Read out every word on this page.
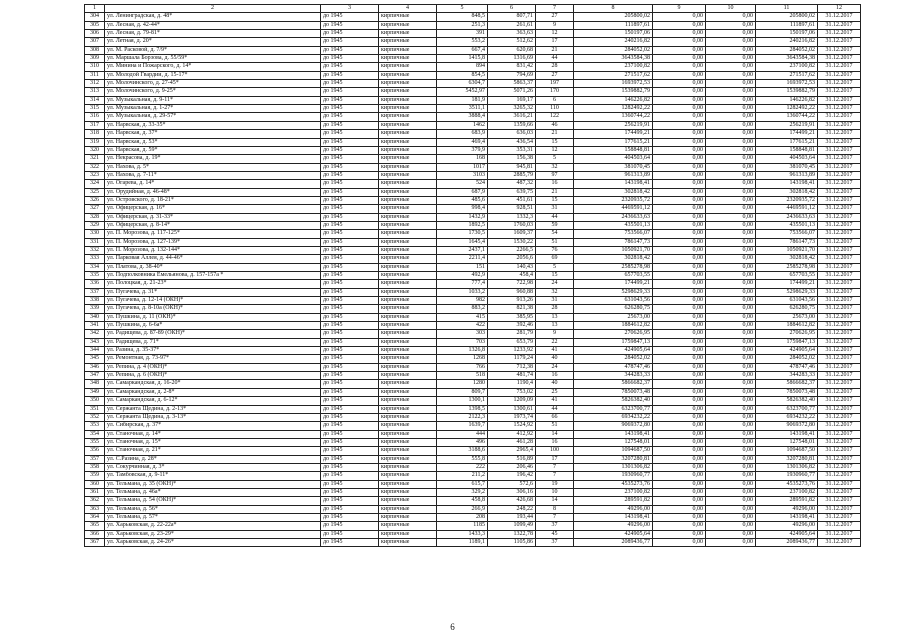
1	2	3	4	5	6	7	8	9	10	11	12
304	ул. Ленинградская, д. 48*	до 1945	кирпичные	848,5	807,71	27	205800,02	0,00	0,00	205800,02	31.12.2017
305	ул. Лесная, д. 42-44*	до 1945	кирпичные	251,3	261,61	9	111897,61	0,00	0,00	111897,61	31.12.2017
306	ул. Лесная, д. 79-81*	до 1945	кирпичные	391	363,63	12	150197,06	0,00	0,00	150197,06	31.12.2017
307	ул. Летная, д. 20*	до 1945	кирпичные	553,2	512,62	17	240216,82	0,00	0,00	240216,82	31.12.2017
308	ул. М. Расковой, д. 7/9*	до 1945	кирпичные	667,4	620,68	21	284052,02	0,00	0,00	284052,02	31.12.2017
309	ул. Маршала Борзова, д. 55/59*	до 1945	кирпичные	1415,8	1316,69	44	3643584,38	0,00	0,00	3643584,38	31.12.2017
310	ул. Минина и Пожарского, д. 14*	до 1945	кирпичные	894	831,42	28	237100,82	0,00	0,00	237100,82	31.12.2017
311	ул. Молодой Гвардии, д. 15-17*	до 1945	кирпичные	854,5	794,69	27	271517,62	0,00	0,00	271517,62	31.12.2017
312	ул. Молочинского, д. 27-45*	до 1945	кирпичные	6304,7	5863,37	197	1693972,53	0,00	0,00	1693972,53	31.12.2017
313	ул. Молочинского, д. 9-25*	до 1945	кирпичные	5452,97	5071,26	170	1539882,79	0,00	0,00	1539882,79	31.12.2017
314	ул. Музыкальная, д. 9-11*	до 1945	кирпичные	181,9	169,17	6	146226,82	0,00	0,00	146226,82	31.12.2017
315	ул. Музыкальная, д. 1-27*	до 1945	кирпичные	3511,1	3265,32	110	1282492,22	0,00	0,00	1282492,22	31.12.2017
316	ул. Музыкальная, д. 29-57*	до 1945	кирпичные	3888,4	3616,21	122	1360744,22	0,00	0,00	1360744,22	31.12.2017
317	ул. Нарвская, д. 33-35*	до 1945	кирпичные	1462	1359,66	46	256219,91	0,00	0,00	256219,91	31.12.2017
318	ул. Нарвская, д. 37*	до 1945	кирпичные	683,9	636,03	21	174499,21	0,00	0,00	174499,21	31.12.2017
319	ул. Нарвская, д. 53*	до 1945	кирпичные	469,4	436,54	15	177615,21	0,00	0,00	177615,21	31.12.2017
320	ул. Нарвская, д. 59*	до 1945	кирпичные	379,9	353,31	12	158848,81	0,00	0,00	158848,81	31.12.2017
321	ул. Некрасова, д. 19*	до 1945	кирпичные	168	156,38	5	404503,64	0,00	0,00	404503,64	31.12.2017
322	ул. Нахова, д. 5*	до 1945	кирпичные	1017	945,81	32	381070,45	0,00	0,00	381070,45	31.12.2017
323	ул. Нахова, д. 7-11*	до 1945	кирпичные	3103	2885,79	97	961313,89	0,00	0,00	961313,89	31.12.2017
324	ул. Огарева, д. 14*	до 1945	кирпичные	524	487,32	16	143198,41	0,00	0,00	143198,41	31.12.2017
325	ул. Орудийная, д. 46-48*	до 1945	кирпичные	687,9	639,75	21	302818,42	0,00	0,00	302818,42	31.12.2017
326	ул. Островского, д. 18-21*	до 1945	кирпичные	485,6	451,61	15	2320935,72	0,00	0,00	2320935,72	31.12.2017
327	ул. Офицерская, д. 16*	до 1945	кирпичные	998,4	928,51	31	4469591,12	0,00	0,00	4469591,12	31.12.2017
328	ул. Офицерская, д. 31-33*	до 1945	кирпичные	1432,9	1332,3	44	2436633,63	0,00	0,00	2436633,63	31.12.2017
329	ул. Офицерская, д. 8-14*	до 1945	кирпичные	1892,5	1760,03	59	435501,13	0,00	0,00	435501,13	31.12.2017
330	ул. П. Морозова, д. 117-125*	до 1945	кирпичные	1730,5	1609,37	54	753566,07	0,00	0,00	753566,07	31.12.2017
331	ул. П. Морозова, д. 127-139*	до 1945	кирпичные	1645,4	1530,22	51	786147,73	0,00	0,00	786147,73	31.12.2017
332	ул. П. Морозова, д. 132-144*	до 1945	кирпичные	2437,1	2266,5	76	1050921,70	0,00	0,00	1050921,70	31.12.2017
333	ул. Парковая Аллея, д. 44-46*	до 1945	кирпичные	2211,4	2056,6	69	302818,42	0,00	0,00	302818,42	31.12.2017
334	ул. Платова, д. 38-40*	до 1945	кирпичные	151	140,43	5	2585278,98	0,00	0,00	2585278,98	31.12.2017
335	ул. Подполковника Емельянова, д. 157-157а *	до 1945	кирпичные	492,9	458,4	15	657703,55	0,00	0,00	657703,55	31.12.2017
336	ул. Полоцкая, д. 21-23*	до 1945	кирпичные	777,4	722,98	24	174499,21	0,00	0,00	174499,21	31.12.2017
337	ул. Пугачева, д. 31*	до 1945	кирпичные	1033,2	960,88	32	5298629,33	0,00	0,00	5298629,33	31.12.2017
338	ул. Пугачева, д. 12-14 (ОКН)*	до 1945	кирпичные	982	913,26	31	631043,56	0,00	0,00	631043,56	31.12.2017
339	ул. Пугачева, д. 8-10а (ОКН)*	до 1945	кирпичные	883,2	821,38	28	626280,75	0,00	0,00	626280,75	31.12.2017
340	ул. Пушкина, д. 11 (ОКН)*	до 1945	кирпичные	415	385,95	13	25673,00	0,00	0,00	25673,00	31.12.2017
341	ул. Пушкина, д. 6-6а*	до 1945	кирпичные	422	392,46	13	1884612,82	0,00	0,00	1884612,82	31.12.2017
342	ул. Радищева, д. 87-89 (ОКН)*	до 1945	кирпичные	303	281,79	9	270626,95	0,00	0,00	270626,95	31.12.2017
343	ул. Радищева, д. 71*	до 1945	кирпичные	703	653,79	22	1759847,13	0,00	0,00	1759847,13	31.12.2017
344	ул. Разина, д. 35-37*	до 1945	кирпичные	1326,8	1233,92	41	424905,64	0,00	0,00	424905,64	31.12.2017
345	ул. Ремонтная, д. 73-97*	до 1945	кирпичные	1268	1179,24	40	284052,02	0,00	0,00	284052,02	31.12.2017
346	ул. Репина, д. 4 (ОКН)*	до 1945	кирпичные	766	712,38	24	478747,46	0,00	0,00	478747,46	31.12.2017
347	ул. Репина, д. 6 (ОКН)*	до 1945	кирпичные	518	481,74	16	344283,33	0,00	0,00	344283,33	31.12.2017
348	ул. Самаркандская, д. 16-20*	до 1945	кирпичные	1280	1190,4	40	5866682,37	0,00	0,00	5866682,37	31.12.2017
349	ул. Самаркандская, д. 2-8*	до 1945	кирпичные	809,7	753,02	25	7850073,48	0,00	0,00	7850073,48	31.12.2017
350	ул. Самаркандская, д. 6-12*	до 1945	кирпичные	1300,1	1209,09	41	5826382,40	0,00	0,00	5826382,40	31.12.2017
351	ул. Сержанта Щедина, д. 2-13*	до 1945	кирпичные	1398,5	1300,61	44	6323700,77	0,00	0,00	6323700,77	31.12.2017
352	ул. Сержанта Щедина, д. 3-13*	до 1945	кирпичные	2122,3	1973,74	66	6934232,22	0,00	0,00	6934232,22	31.12.2017
353	ул. Сибирская, д. 37*	до 1945	кирпичные	1639,7	1524,92	51	9069372,80	0,00	0,00	9069372,80	31.12.2017
354	ул. Станочная, д. 14*	до 1945	кирпичные	444	412,92	14	143198,41	0,00	0,00	143198,41	31.12.2017
355	ул. Станочная, д. 15*	до 1945	кирпичные	496	461,28	16	127548,01	0,00	0,00	127548,01	31.12.2017
356	ул. Станочная, д. 21*	до 1945	кирпичные	3188,6	2965,4	100	1094687,50	0,00	0,00	1094687,50	31.12.2017
357	ул. С.Разина, д. 28*	до 1945	кирпичные	555,8	516,89	17	3207280,81	0,00	0,00	3207280,81	31.12.2017
358	ул. Сокурчинная, д. 3*	до 1945	кирпичные	222	206,46	7	1301306,82	0,00	0,00	1301306,82	31.12.2017
359	ул. Тамбовская, д. 9-11*	до 1945	кирпичные	211,2	196,42	7	1930960,77	0,00	0,00	1930960,77	31.12.2017
360	ул. Тельмана, д. 35 (ОКН)*	до 1945	кирпичные	615,7	572,6	19	4535273,76	0,00	0,00	4535273,76	31.12.2017
361	ул. Тельмана, д. 46а*	до 1945	кирпичные	329,2	306,16	10	237100,82	0,00	0,00	237100,82	31.12.2017
362	ул. Тельмана, д. 54 (ОКН)*	до 1945	кирпичные	458,8	426,68	14	289591,82	0,00	0,00	289591,82	31.12.2017
363	ул. Тельмана, д. 56*	до 1945	кирпичные	266,9	248,22	8	49296,00	0,00	0,00	49296,00	31.12.2017
364	ул. Тельмана, д. 57*	до 1945	кирпичные	208	193,44	7	143198,41	0,00	0,00	143198,41	31.12.2017
365	ул. Харьковская, д. 22-22а*	до 1945	кирпичные	1185	1099,49	37	49296,00	0,00	0,00	49296,00	31.12.2017
366	ул. Харьковская, д. 23-29*	до 1945	кирпичные	1433,3	1322,78	45	424905,64	0,00	0,00	424905,64	31.12.2017
367	ул. Харьковская, д. 24-26*	до 1945	кирпичные	1189,1	1105,86	37	2089436,77	0,00	0,00	2089436,77	31.12.2017
6
